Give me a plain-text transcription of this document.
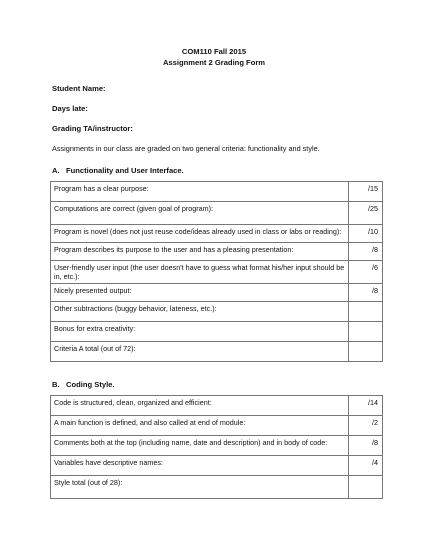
COM110 Fall 2015
Assignment 2 Grading Form
Student Name:
Days late:
Grading TA/instructor:
Assignments in our class are graded on two general criteria: functionality and style.
A. Functionality and User Interface.
Program has a clear purpose:	/15
Computations are correct (given goal of program):	/25
Program is novel (does not just reuse code/ideas already used in class or labs or reading):	/10
Program describes its purpose to the user and has a pleasing presentation:	/8
User-friendly user input (the user doesn't have to guess what format his/her input should be in, etc.):	/6
Nicely presented output:	/8
Other subtractions (buggy behavior, lateness, etc.):	
Bonus for extra creativity:	
Criteria A total (out of 72):	
B. Coding Style.
Code is structured, clean, organized and efficient:	/14
A main function is defined, and also called at end of module:	/2
Comments both at the top (including name, date and description) and in body of code:	/8
Variables have descriptive names:	/4
Style total (out of 28):	
